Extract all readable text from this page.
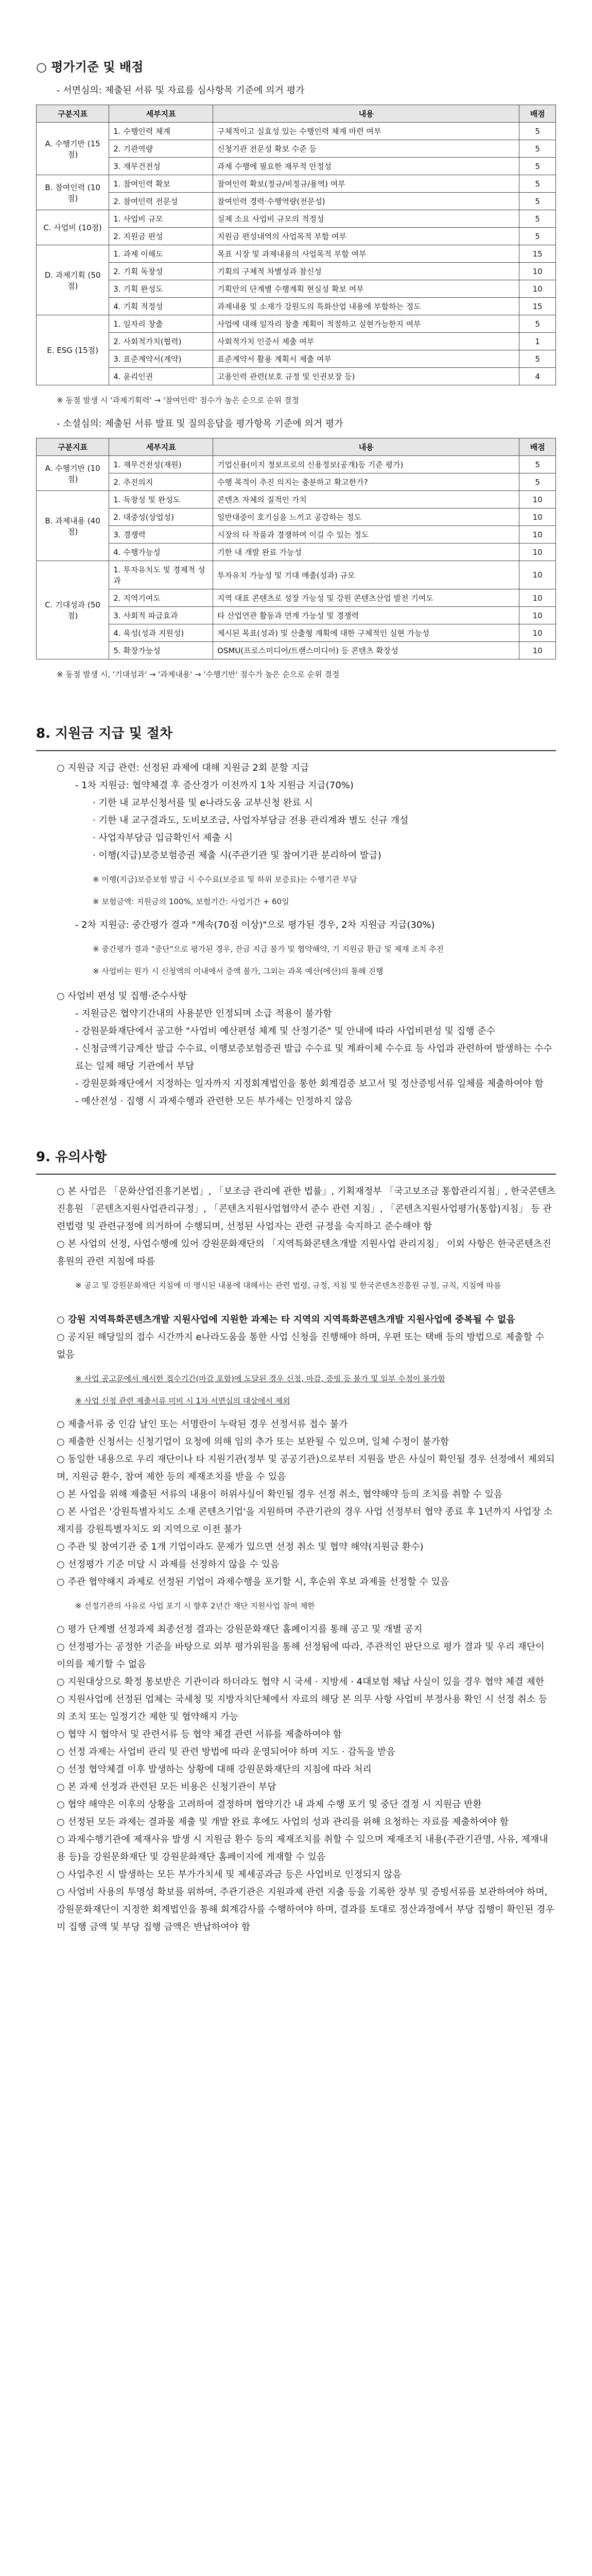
○ 평가기준 및 배점

- 서면심의: 제출된 서류 및 자료를 심사항목 기준에 의거 평가

구분지표	세부지표	내용	배점
A. 수행기반 (15점)	1. 수행인력 체계	구체적이고 실효성 있는 수행인력 체계 마련 여부	5
	2. 기관역량	신청기관 전문성 확보 수준 등	5
	3. 재무건전성	과제 수행에 필요한 재무적 안정성	5
B. 참여인력 (10점)	1. 참여인력 확보	참여인력 확보(정규/비정규/용역) 여부	5
	2. 참여인력 전문성	참여인력 경력·수행역량(전문성)	5
C. 사업비 (10점)	1. 사업비 규모	실제 소요 사업비 규모의 적정성	5
	2. 지원금 편성	지원금 편성내역의 사업목적 부합 여부	5
D. 과제기획 (50점)	1. 과제 이해도	목표 시장 및 과제내용의 사업목적 부합 여부	15
	2. 기획 독창성	기획의 구체적 차별성과 참신성	10
	3. 기획 완성도	기획안의 단계별 수행계획 현실성 확보 여부	10
	4. 기획 적정성	과제내용 및 소재가 강원도의 특화산업 내용에 부합하는 정도	15
E. ESG (15점)	1. 일자리 창출	사업에 대해 일자리 창출 계획이 적절하고 실현가능한지 여부	5
	2. 사회적가치(협력)	사회적가치 인증서 제출 여부	1
	3. 표준계약서(계약)	표준계약서 활용 계획서 제출 여부	5
	4. 윤리인권	고용인력 관련(보호 규정 및 인권보장 등)	4

※ 동점 발생 시 '과제기획력' → '참여인력' 점수가 높은 순으로 순위 결정

- 소셜심의: 제출된 서류 발표 및 질의응답을 평가항목 기준에 의거 평가

구분지표	세부지표	내용	배점
A. 수행기반 (10점)	1. 재무건전성(재원)	기업신용(이지 정보프로의 신용정보(공개)등 기준 평가)	5
	2. 추진의지	수행 목적이 추진 의지는 충분하고 확고한가?	5
B. 과제내용 (40점)	1. 독창성 및 완성도	콘텐츠 자체의 질적인 가치	10
	2. 대중성(상업성)	일반대중이 호기심을 느끼고 공감하는 정도	10
	3. 경쟁력	시장의 타 작품과 경쟁하여 이길 수 있는 정도	10
	4. 수행가능성	기한 내 개발 완료 가능성	10
C. 기대성과 (50점)	1. 투자유치도 및 경제적 성과	투자유치 가능성 및 기대 매출(성과) 규모	10
	2. 지역기여도	지역 대표 콘텐츠로 성장 가능성 및 강원 콘텐츠산업 발전 기여도	10
	3. 사회적 파급효과	타 산업연관 활동과 연계 가능성 및 경쟁력	10
	4. 육성(성과 지원성)	제시된 목표(성과) 및 산출형 계획에 대한 구체적인 실현 가능성	10
	5. 확장가능성	OSMU(프로스미디어/트랜스미디어) 등 콘텐츠 확장성	10

※ 동점 발생 시, '기대성과' → '과제내용' → '수행기반' 점수가 높은 순으로 순위 결정

8. 지원금 지급 및 절차

○ 지원금 지급 관련: 선정된 과제에 대해 지원금 2회 분할 지급

- 1차 지원금: 협약체결 후 증산경가 이전까지 1차 지원금 지급(70%)

· 기한 내 교부신청서를 및 e나라도움 교부신청 완료 시

· 기한 내 교구결과도, 도비보조금, 사업자부담금 전용 관리계좌 별도 신규 개설

· 사업자부담금 입금확인서 제출 시

· 이행(지급)보증보험증권 제출 시(주관기관 및 참여기관 분리하여 발급)

※ 이행(지급)보증보험 발급 시 수수료(보증료 및 하위 보증료)는 수행기관 부담

※ 보험금액: 지원금의 100%, 보험기간: 사업기간 + 60일

- 2차 지원금: 중간평가 결과 "계속(70점 이상)"으로 평가된 경우, 2차 지원금 지급(30%)

※ 중간평가 결과 "중단"으로 평가된 경우, 잔금 지급 불가 및 협약해약, 기 지원금 환급 및 제재 조치 추진

※ 사업비는 원가 시 신청액의 이내에서 증액 불가, 그외는 과목 예산(에산)의 통해 진행

○ 사업비 편성 및 집행·준수사항

- 지원금은 협약기간내의 사용분만 인정되며 소급 적용이 불가함

- 강원문화재단에서 공고한 "사업비 예산편성 체계 및 산정기준" 및 안내에 따라 사업비편성 및 집행 준수

- 신청금액기금계산 발급 수수료, 이행보증보험증권 발급 수수료 및 계좌이체 수수료 등 사업과 관련하여 발생하는 수수료는 일체 해당 기관에서 부담

- 강원문화재단에서 지정하는 일자까지 지정회계법인을 통한 회계검증 보고서 및 정산증빙서류 일체를 제출하여야 함

- 예산전성 · 집행 시 과제수행과 관련한 모든 부가세는 인정하지 않음

9. 유의사항

○ 본 사업은 「문화산업진흥기본법」, 「보조금 관리에 관한 법률」, 기획재정부 「국고보조금 통합관리지침」, 한국콘텐츠진흥원 「콘텐츠지원사업관리규정」, 「콘텐츠지원사업협약서 준수 관련 지침」, 「콘텐츠지원사업평가(통합)지침」 등 관련법령 및 관련규정에 의거하여 수행되며, 선정된 사업자는 관련 규정을 숙지하고 준수해야 함

○ 본 사업의 선정, 사업수행에 있어 강원문화재단의 「지역특화콘텐츠개발 지원사업 관리지침」 이외 사항은 한국콘텐츠진흥원의 관련 지침에 따름

※ 공고 및 강원문화재단 지침에 미 명시된 내용에 대해서는 관련 법령, 규정, 지침 및 한국콘텐츠진흥원 규정, 규칙, 지침에 따름

○ 강원 지역특화콘텐츠개발 지원사업에 지원한 과제는 타 지역의 지역특화콘텐츠개발 지원사업에 중복될 수 없음

○ 공지된 해당일의 접수 시간까지 e나라도움을 통한 사업 신청을 진행해야 하며, 우편 또는 택배 등의 방법으로 제출할 수 없음

※ 사업 공고문에서 제시한 접수기간(마감 포함)에 도달된 경우 신청, 마감, 증빙 등 불가 및 일부 수정이 불가함

※ 사업 신청 관련 제출서류 미비 시 1차 서면심의 대상에서 제외

○ 제출서류 중 인감 날인 또는 서명란이 누락된 경우 선정서류 접수 불가

○ 제출한 신청서는 신청기업이 요청에 의해 임의 추가 또는 보완될 수 있으며, 일체 수정이 불가함

○ 동일한 내용으로 우리 재단이나 타 지원기관(정부 및 공공기관)으로부터 지원을 받은 사실이 확인될 경우 선정에서 제외되며, 지원금 환수, 참여 제한 등의 제재조치를 받을 수 있음

○ 본 사업을 위해 제출된 서류의 내용이 허위사실이 확인될 경우 선정 취소, 협약해약 등의 조치를 취할 수 있음

○ 본 사업은 '강원특별자치도 소재 콘텐츠기업'을 지원하며 주관기관의 경우 사업 선정부터 협약 종료 후 1년까지 사업장 소재지를 강원특별자치도 외 지역으로 이전 불가

○ 주관 및 참여기관 중 1개 기업이라도 문제가 있으면 선정 취소 및 협약 해약(지원금 환수)

○ 선정평가 기준 미달 시 과제를 선정하지 않을 수 있음

○ 주관 협약해지 과제로 선정된 기업이 과제수행을 포기할 시, 후순위 후보 과제를 선정할 수 있음

※ 선정기관의 사유로 사업 포기 시 향후 2년간 재단 지원사업 참여 제한

○ 평가 단계별 선정과제 최종선정 결과는 강원문화재단 홈페이지를 통해 공고 및 개별 공지

○ 선정평가는 공정한 기준을 바탕으로 외부 평가위원을 통해 선정됨에 따라, 주관적인 판단으로 평가 결과 및 우리 재단이 이의를 제기할 수 없음

○ 지원대상으로 확정 통보받은 기관이라 하더라도 협약 시 국세 · 지방세 · 4대보험 체납 사실이 있을 경우 협약 체결 제한

○ 지원사업에 선정된 업체는 국세청 및 지방자치단체에서 자료의 해당 본 의무 사항 사업비 부정사용 확인 시 선정 취소 등의 조치 또는 일정기간 제한 및 협약해지 가능

○ 협약 시 협약서 및 관련서류 등 협약 체결 관련 서류를 제출하여야 함

○ 선정 과제는 사업비 관리 및 관련 방법에 따라 운영되어야 하며 지도 · 감독을 받음

○ 선정 협약체결 이후 발생하는 상황에 대해 강원문화재단의 지침에 따라 처리

○ 본 과제 선정과 관련된 모든 비용은 신청기관이 부담

○ 협약 해약은 이후의 상황을 고려하여 결정하며 협약기간 내 과제 수행 포기 및 중단 결정 시 지원금 반환

○ 선정된 모든 과제는 결과물 제출 및 개발 완료 후에도 사업의 성과 관리를 위해 요청하는 자료를 제출하여야 함

○ 과제수행기관에 제재사유 발생 시 지원금 환수 등의 제재조치를 취할 수 있으며 제재조치 내용(주관기관명, 사유, 제재내용 등)을 강원문화재단 및 강원문화재단 홈페이지에 게재할 수 있음

○ 사업추진 시 발생하는 모든 부가가치세 및 제세공과금 등은 사업비로 인정되지 않음

○ 사업비 사용의 투명성 확보를 위하여, 주관기관은 지원과제 관련 지출 등을 기록한 장부 및 증빙서류를 보관하여야 하며, 강원문화재단이 지정한 회계법인을 통해 회계감사를 수행하여야 하며, 결과를 토대로 정산과정에서 부당 집행이 확인된 경우 미 집행 금액 및 부당 집행 금액은 반납하여야 함
